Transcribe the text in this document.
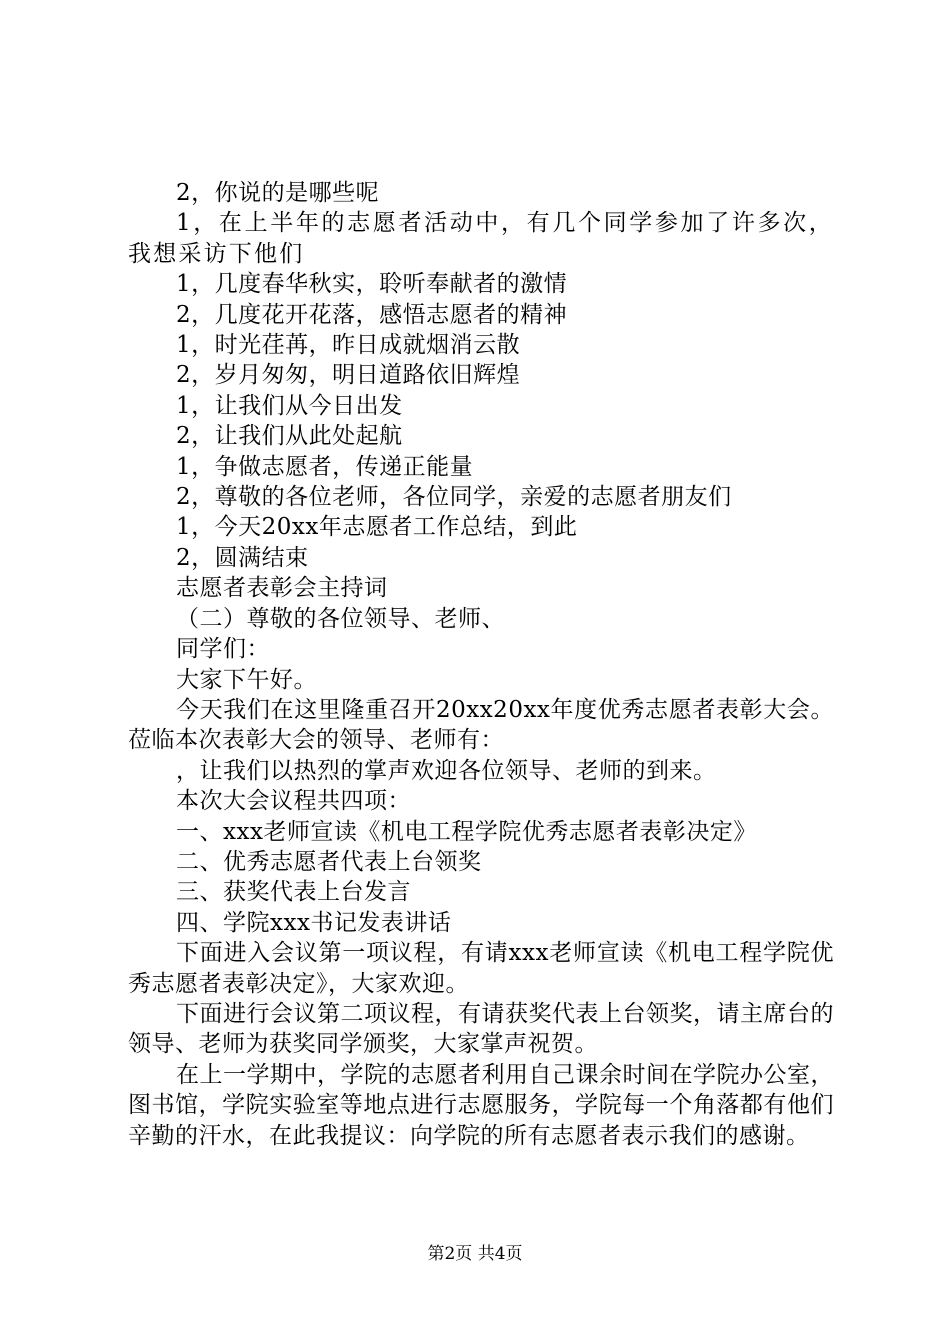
2，你说的是哪些呢

1，在上半年的志愿者活动中，有几个同学参加了许多次，我想采访下他们

1，几度春华秋实，聆听奉献者的激情

2，几度花开花落，感悟志愿者的精神

1，时光荏苒，昨日成就烟消云散

2，岁月匆匆，明日道路依旧辉煌

1，让我们从今日出发

2，让我们从此处起航

1，争做志愿者，传递正能量

2，尊敬的各位老师，各位同学，亲爱的志愿者朋友们

1，今天20xx年志愿者工作总结，到此

2，圆满结束

志愿者表彰会主持词

（二）尊敬的各位领导、老师、

同学们：

大家下午好。

今天我们在这里隆重召开20xx20xx年度优秀志愿者表彰大会。莅临本次表彰大会的领导、老师有：

，让我们以热烈的掌声欢迎各位领导、老师的到来。

本次大会议程共四项：

一、xxx老师宣读《机电工程学院优秀志愿者表彰决定》

二、优秀志愿者代表上台领奖

三、获奖代表上台发言

四、学院xxx书记发表讲话

下面进入会议第一项议程，有请xxx老师宣读《机电工程学院优秀志愿者表彰决定》，大家欢迎。

下面进行会议第二项议程，有请获奖代表上台领奖，请主席台的领导、老师为获奖同学颁奖，大家掌声祝贺。

在上一学期中，学院的志愿者利用自己课余时间在学院办公室，图书馆，学院实验室等地点进行志愿服务，学院每一个角落都有他们辛勤的汗水，在此我提议：向学院的所有志愿者表示我们的感谢。

第2页 共4页
